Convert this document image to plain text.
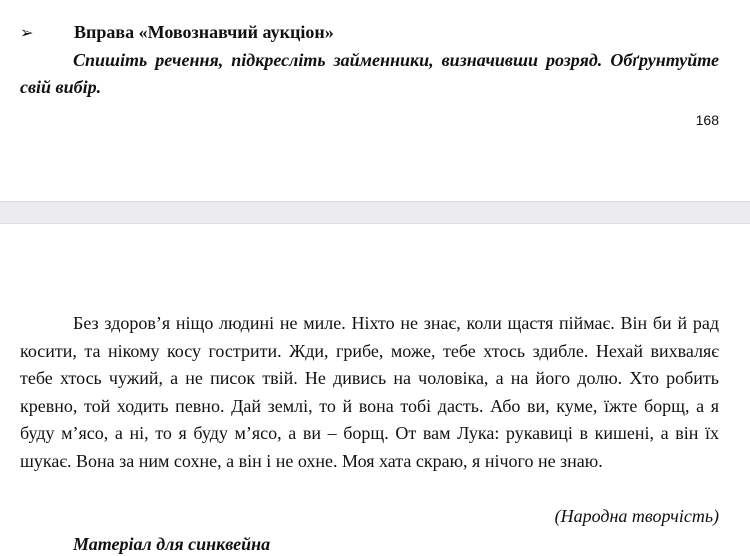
➢ Вправа «Мовознавчий аукціон»

Спишіть речення, підкресліть займенники, визначивши розряд. Обґрунтуйте свій вибір.

168

Без здоров’я ніщо людині не миле. Ніхто не знає, коли щастя піймає. Він би й рад косити, та нікому косу гострити. Жди, грибе, може, тебе хтось здибле. Нехай вихваляє тебе хтось чужий, а не писок твій. Не дивись на чоловіка, а на його долю. Хто робить кревно, той ходить певно. Дай землі, то й вона тобі дасть. Або ви, куме, їжте борщ, а я буду м’ясо, а ні, то я буду м’ясо, а ви – борщ. От вам Лука: рукавиці в кишені, а він їх шукає. Вона за ним сохне, а він і не охне. Моя хата скраю, я нічого не знаю.

(Народна творчість)
Матеріал для синквейна
